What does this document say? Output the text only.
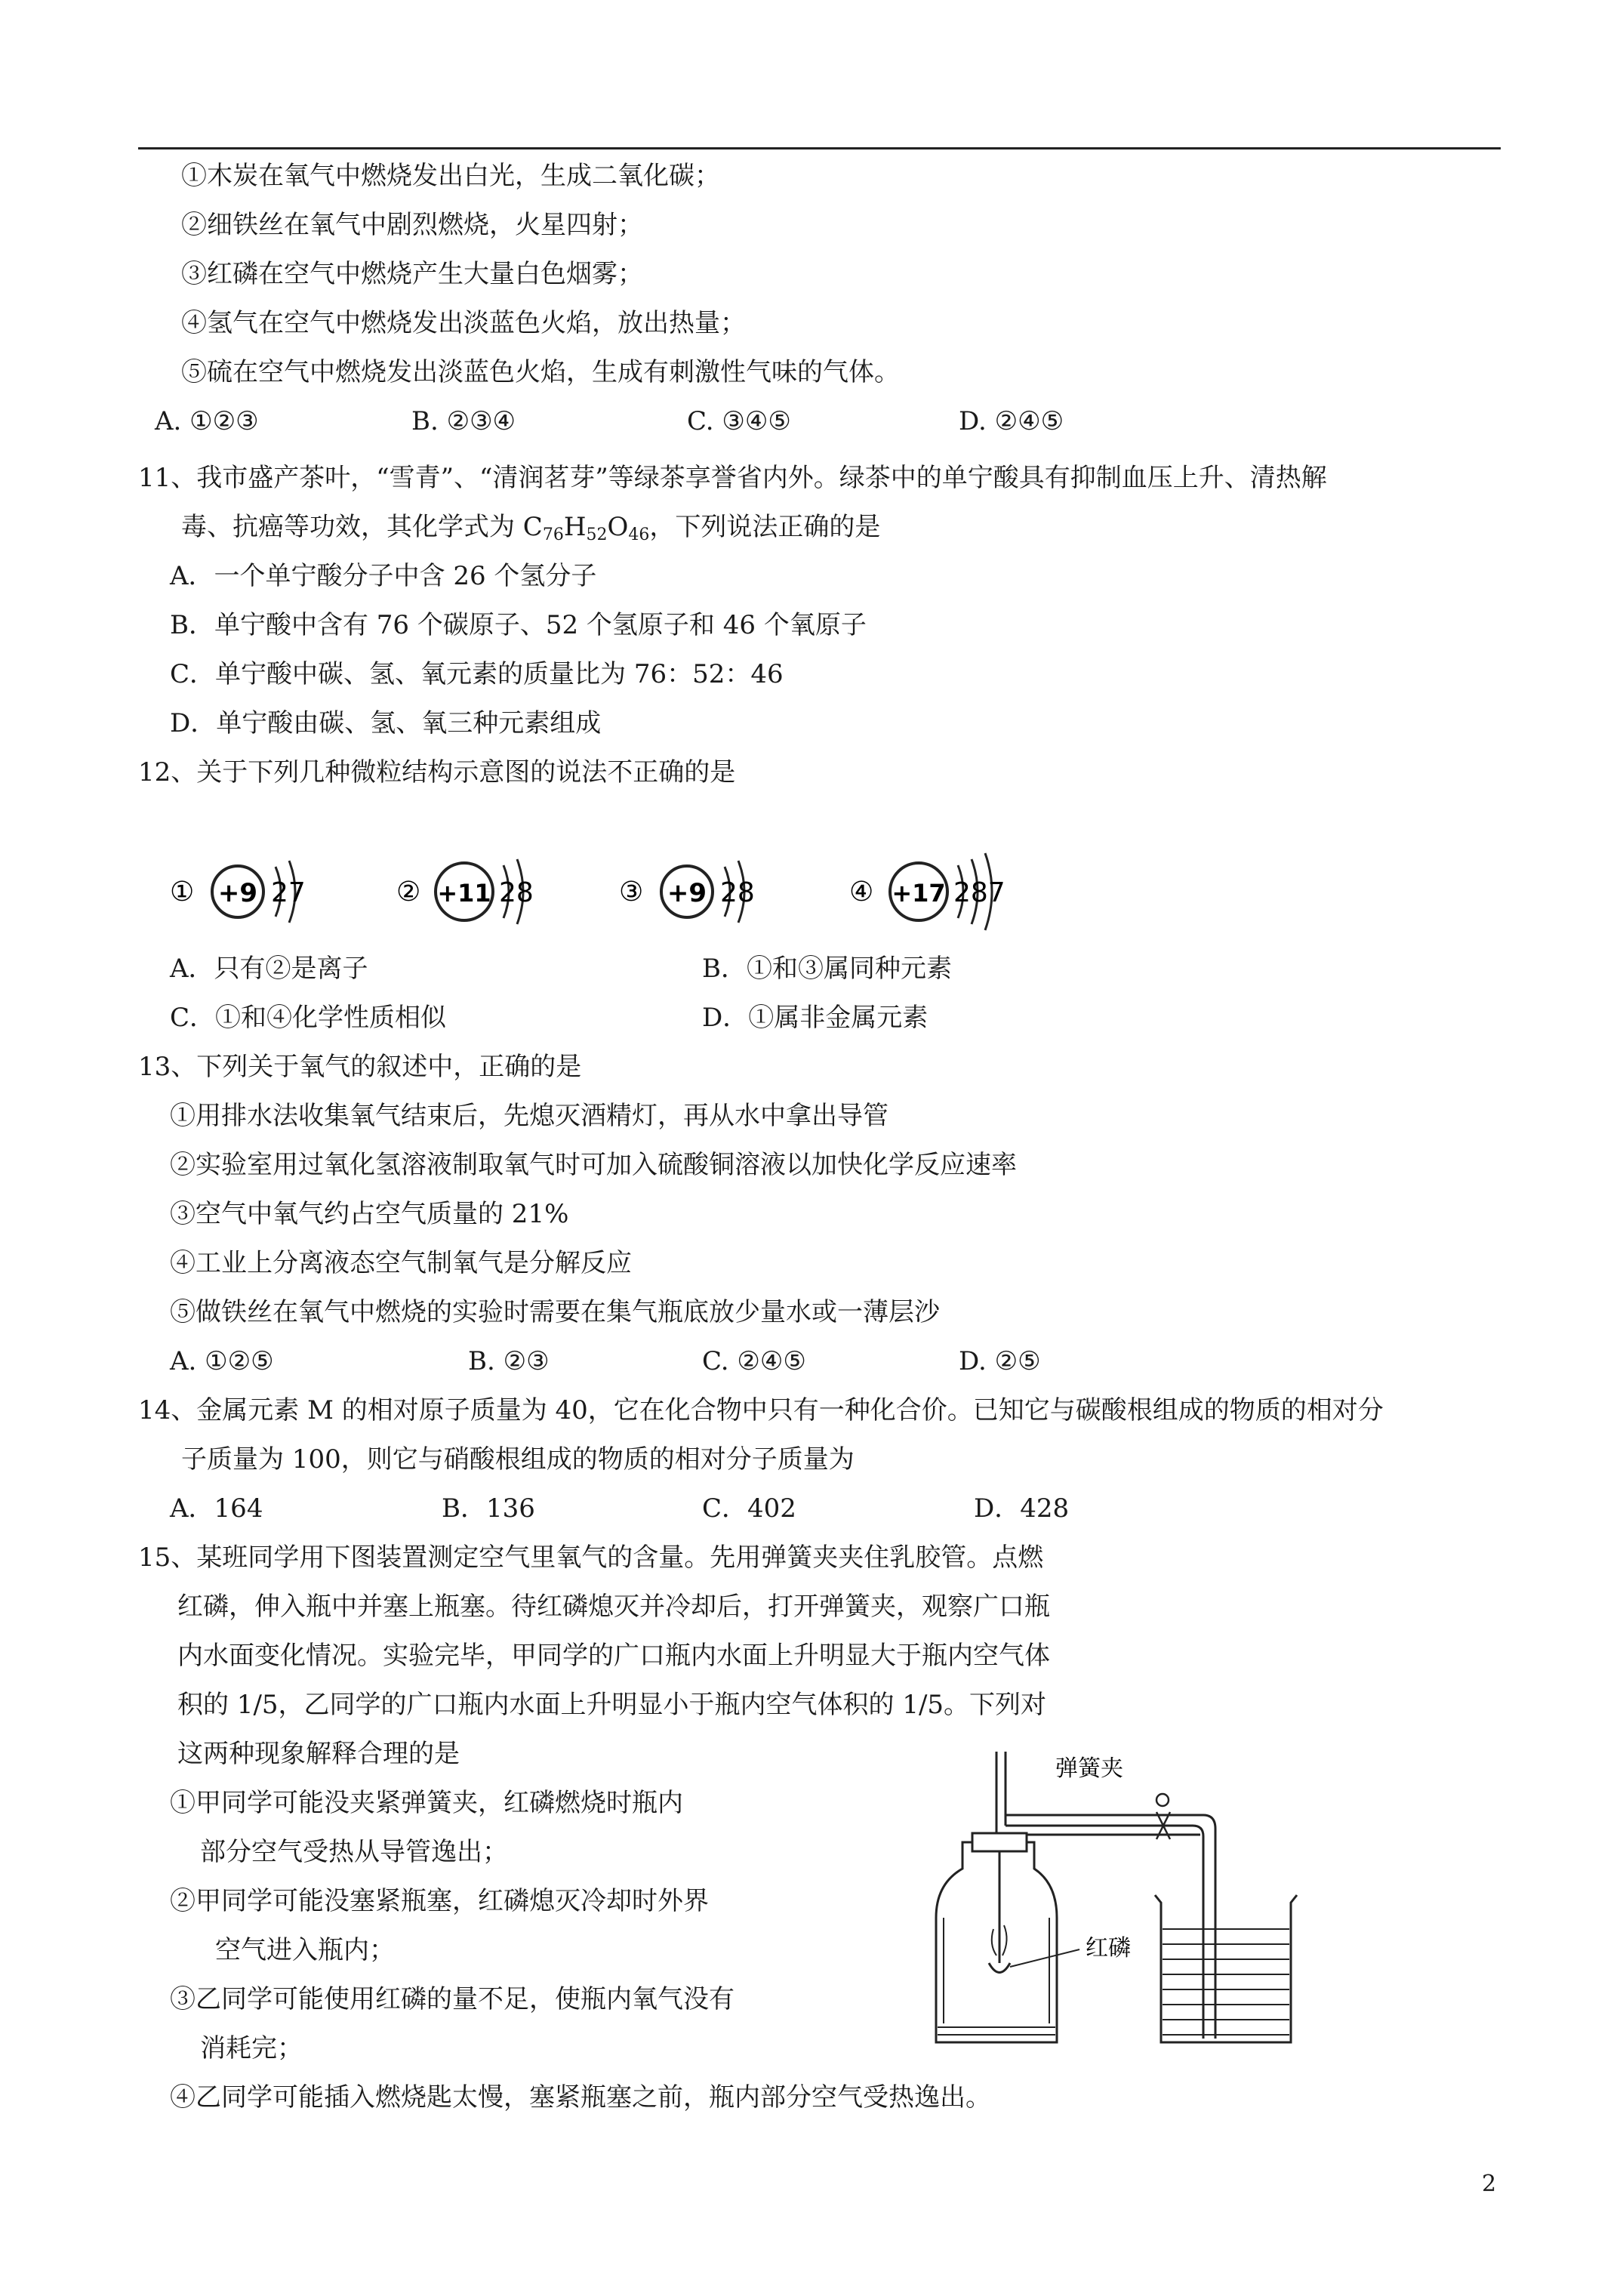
①木炭在氧气中燃烧发出白光，生成二氧化碳；
②细铁丝在氧气中剧烈燃烧，火星四射；
③红磷在空气中燃烧产生大量白色烟雾；
④氢气在空气中燃烧发出淡蓝色火焰，放出热量；
⑤硫在空气中燃烧发出淡蓝色火焰，生成有刺激性气味的气体。
A. ①②③	B. ②③④	C. ③④⑤	D. ②④⑤
11、我市盛产茶叶，“雪青”、“清润茗芽”等绿茶享誉省内外。绿茶中的单宁酸具有抑制血压上升、清热解
毒、抗癌等功效，其化学式为 $C_{76}H_{52}O_{46}$，下列说法正确的是
A．一个单宁酸分子中含 26 个氢分子
B．单宁酸中含有 76 个碳原子、52 个氢原子和 46 个氧原子
C．单宁酸中碳、氢、氧元素的质量比为 76：52：46
D．单宁酸由碳、氢、氧三种元素组成
12、关于下列几种微粒结构示意图的说法不正确的是
① +9 27	② +11 28	③ +9 28	④ +17 287
A．只有②是离子	B．①和③属同种元素
C．①和④化学性质相似	D．①属非金属元素
13、下列关于氧气的叙述中，正确的是
①用排水法收集氧气结束后，先熄灭酒精灯，再从水中拿出导管
②实验室用过氧化氢溶液制取氧气时可加入硫酸铜溶液以加快化学反应速率
③空气中氧气约占空气质量的 21%
④工业上分离液态空气制氧气是分解反应
⑤做铁丝在氧气中燃烧的实验时需要在集气瓶底放少量水或一薄层沙
A. ①②⑤	B. ②③	C. ②④⑤	D. ②⑤
14、金属元素 M 的相对原子质量为 40，它在化合物中只有一种化合价。已知它与碳酸根组成的物质的相对分
子质量为 100，则它与硝酸根组成的物质的相对分子质量为
A．164	B．136	C．402	D．428
15、某班同学用下图装置测定空气里氧气的含量。先用弹簧夹夹住乳胶管。点燃
红磷，伸入瓶中并塞上瓶塞。待红磷熄灭并冷却后，打开弹簧夹，观察广口瓶
内水面变化情况。实验完毕，甲同学的广口瓶内水面上升明显大于瓶内空气体
积的 1/5，乙同学的广口瓶内水面上升明显小于瓶内空气体积的 1/5。下列对
这两种现象解释合理的是
①甲同学可能没夹紧弹簧夹，红磷燃烧时瓶内
部分空气受热从导管逸出；
②甲同学可能没塞紧瓶塞，红磷熄灭冷却时外界
空气进入瓶内；
③乙同学可能使用红磷的量不足，使瓶内氧气没有
消耗完；
④乙同学可能插入燃烧匙太慢，塞紧瓶塞之前，瓶内部分空气受热逸出。
弹簧夹
红磷
2
